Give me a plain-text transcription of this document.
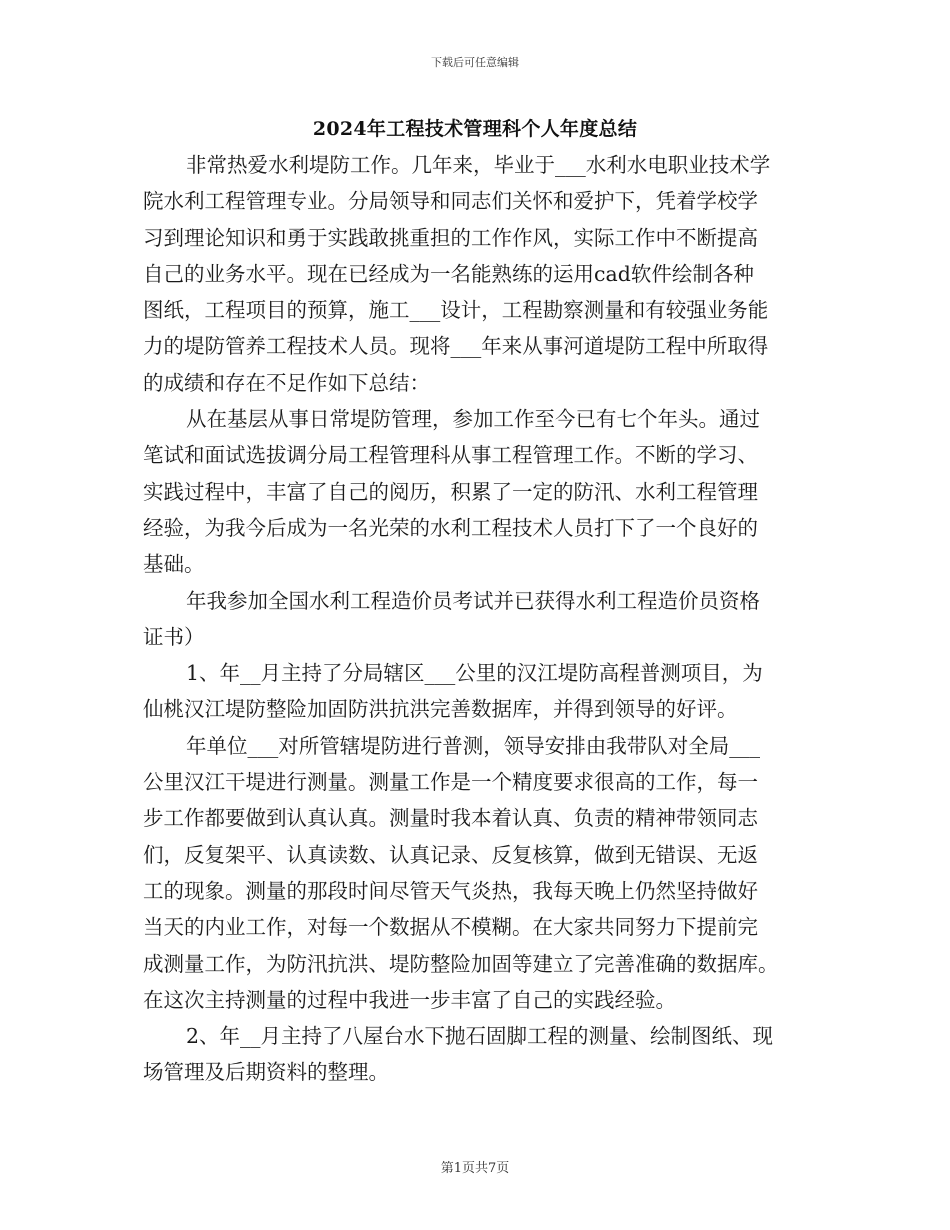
下载后可任意编辑
2024年工程技术管理科个人年度总结
非常热爱水利堤防工作。几年来，毕业于___水利水电职业技术学
院水利工程管理专业。分局领导和同志们关怀和爱护下，凭着学校学
习到理论知识和勇于实践敢挑重担的工作作风，实际工作中不断提高
自己的业务水平。现在已经成为一名能熟练的运用cad软件绘制各种
图纸，工程项目的预算，施工___设计，工程勘察测量和有较强业务能
力的堤防管养工程技术人员。现将___年来从事河道堤防工程中所取得
的成绩和存在不足作如下总结：
从在基层从事日常堤防管理，参加工作至今已有七个年头。通过
笔试和面试选拔调分局工程管理科从事工程管理工作。不断的学习、
实践过程中，丰富了自己的阅历，积累了一定的防汛、水利工程管理
经验，为我今后成为一名光荣的水利工程技术人员打下了一个良好的
基础。
年我参加全国水利工程造价员考试并已获得水利工程造价员资格
证书）
1、年__月主持了分局辖区___公里的汉江堤防高程普测项目，为
仙桃汉江堤防整险加固防洪抗洪完善数据库，并得到领导的好评。
年单位___对所管辖堤防进行普测，领导安排由我带队对全局___
公里汉江干堤进行测量。测量工作是一个精度要求很高的工作，每一
步工作都要做到认真认真。测量时我本着认真、负责的精神带领同志
们，反复架平、认真读数、认真记录、反复核算，做到无错误、无返
工的现象。测量的那段时间尽管天气炎热，我每天晚上仍然坚持做好
当天的内业工作，对每一个数据从不模糊。在大家共同努力下提前完
成测量工作，为防汛抗洪、堤防整险加固等建立了完善准确的数据库。
在这次主持测量的过程中我进一步丰富了自己的实践经验。
2、年__月主持了八屋台水下抛石固脚工程的测量、绘制图纸、现
场管理及后期资料的整理。
第1页共7页
